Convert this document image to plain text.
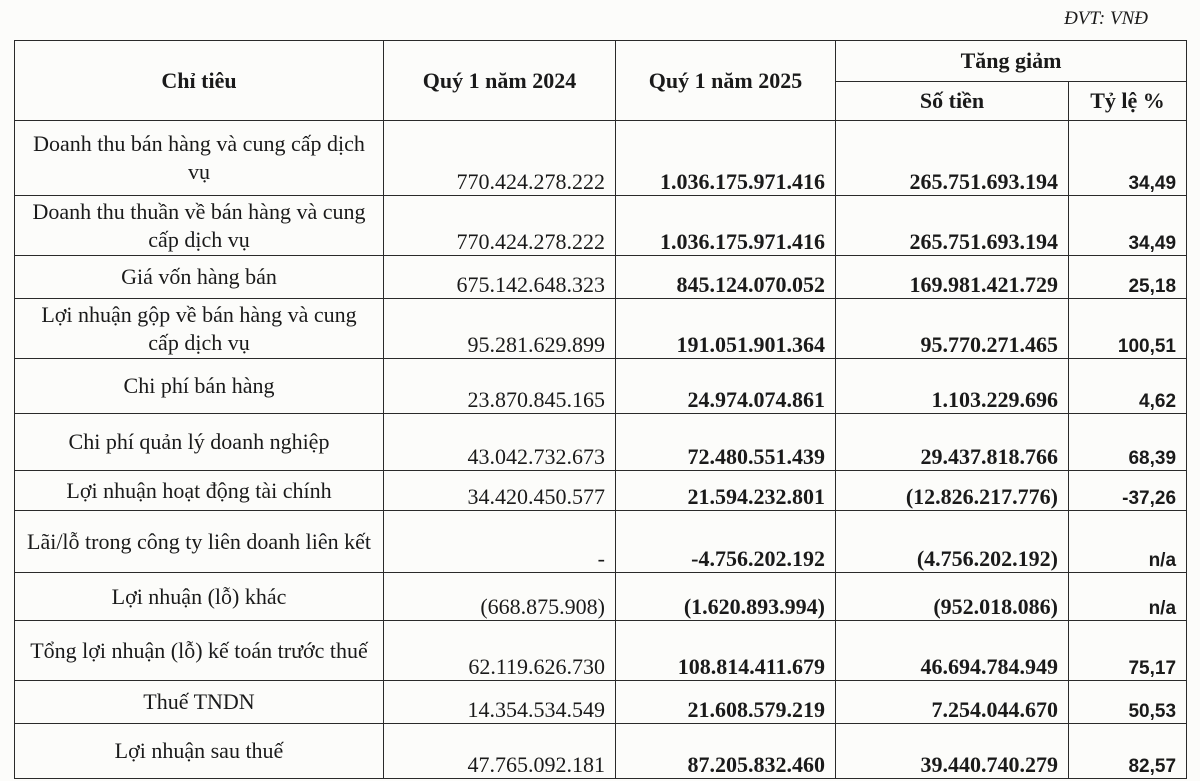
ĐVT: VNĐ
Chỉ tiêu	Quý 1 năm 2024	Quý 1 năm 2025	Tăng giảm	
			Số tiền	Tỷ lệ %
Doanh thu bán hàng và cung cấp dịch vụ	770.424.278.222	1.036.175.971.416	265.751.693.194	34,49
Doanh thu thuần về bán hàng và cung cấp dịch vụ	770.424.278.222	1.036.175.971.416	265.751.693.194	34,49
Giá vốn hàng bán	675.142.648.323	845.124.070.052	169.981.421.729	25,18
Lợi nhuận gộp về bán hàng và cung cấp dịch vụ	95.281.629.899	191.051.901.364	95.770.271.465	100,51
Chi phí bán hàng	23.870.845.165	24.974.074.861	1.103.229.696	4,62
Chi phí quản lý doanh nghiệp	43.042.732.673	72.480.551.439	29.437.818.766	68,39
Lợi nhuận hoạt động tài chính	34.420.450.577	21.594.232.801	(12.826.217.776)	-37,26
Lãi/lỗ trong công ty liên doanh liên kết	-	-4.756.202.192	(4.756.202.192)	n/a
Lợi nhuận (lỗ) khác	(668.875.908)	(1.620.893.994)	(952.018.086)	n/a
Tổng lợi nhuận (lỗ) kế toán trước thuế	62.119.626.730	108.814.411.679	46.694.784.949	75,17
Thuế TNDN	14.354.534.549	21.608.579.219	7.254.044.670	50,53
Lợi nhuận sau thuế	47.765.092.181	87.205.832.460	39.440.740.279	82,57
